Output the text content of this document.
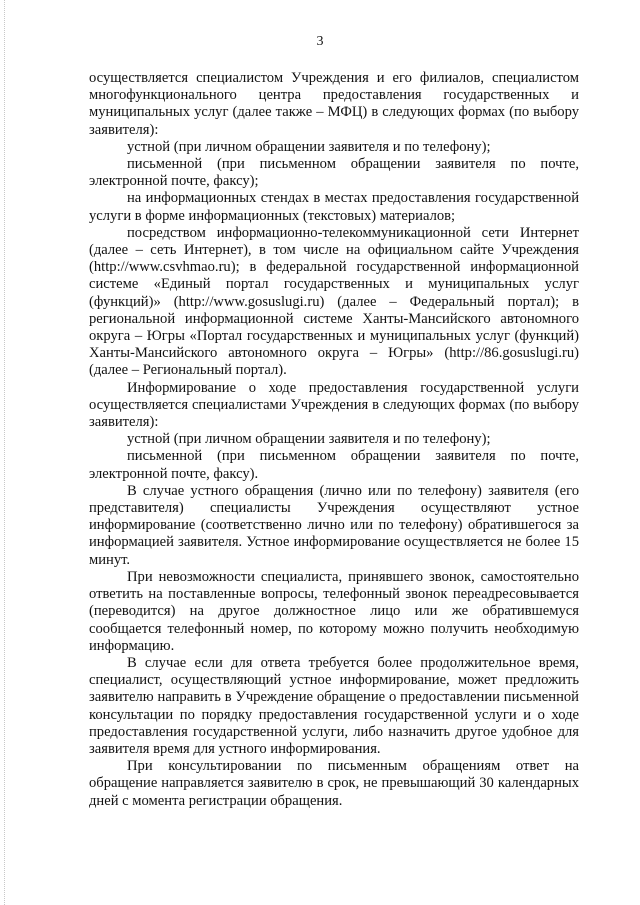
3

осуществляется специалистом Учреждения и его филиалов, специалистом многофункционального центра предоставления государственных и муниципальных услуг (далее также – МФЦ) в следующих формах (по выбору заявителя):

устной (при личном обращении заявителя и по телефону);

письменной (при письменном обращении заявителя по почте, электронной почте, факсу);

на информационных стендах в местах предоставления государственной услуги в форме информационных (текстовых) материалов;

посредством информационно-телекоммуникационной сети Интернет (далее – сеть Интернет), в том числе на официальном сайте Учреждения (http://www.csvhmao.ru); в федеральной государственной информационной системе «Единый портал государственных и муниципальных услуг (функций)» (http://www.gosuslugi.ru) (далее – Федеральный портал); в региональной информационной системе Ханты-Мансийского автономного округа – Югры «Портал государственных и муниципальных услуг (функций) Ханты-Мансийского автономного округа – Югры» (http://86.gosuslugi.ru) (далее – Региональный портал).

Информирование о ходе предоставления государственной услуги осуществляется специалистами Учреждения в следующих формах (по выбору заявителя):

устной (при личном обращении заявителя и по телефону);

письменной (при письменном обращении заявителя по почте, электронной почте, факсу).

В случае устного обращения (лично или по телефону) заявителя (его представителя) специалисты Учреждения осуществляют устное информирование (соответственно лично или по телефону) обратившегося за информацией заявителя. Устное информирование осуществляется не более 15 минут.

При невозможности специалиста, принявшего звонок, самостоятельно ответить на поставленные вопросы, телефонный звонок переадресовывается (переводится) на другое должностное лицо или же обратившемуся сообщается телефонный номер, по которому можно получить необходимую информацию.

В случае если для ответа требуется более продолжительное время, специалист, осуществляющий устное информирование, может предложить заявителю направить в Учреждение обращение о предоставлении письменной консультации по порядку предоставления государственной услуги и о ходе предоставления государственной услуги, либо назначить другое удобное для заявителя время для устного информирования.

При консультировании по письменным обращениям ответ на обращение направляется заявителю в срок, не превышающий 30 календарных дней с момента регистрации обращения.
